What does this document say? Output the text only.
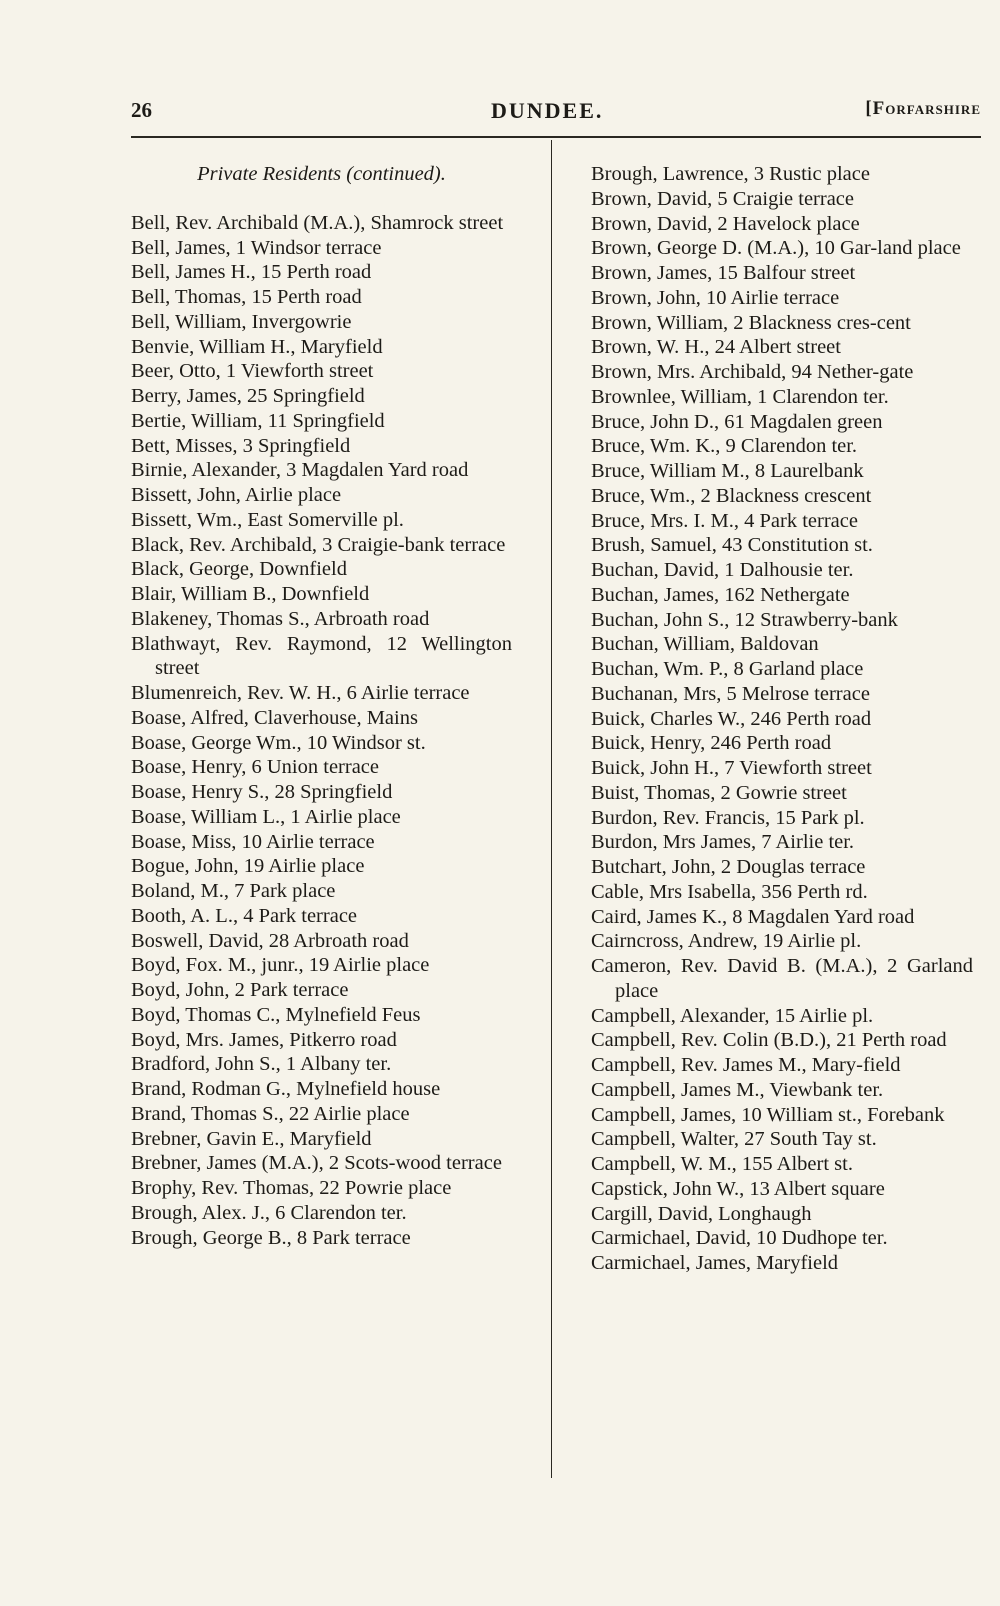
26	DUNDEE.	[Forfarshire
Private Residents (continued).
Bell, Rev. Archibald (M.A.), Shamrock street
Bell, James, 1 Windsor terrace
Bell, James H., 15 Perth road
Bell, Thomas, 15 Perth road
Bell, William, Invergowrie
Benvie, William H., Maryfield
Beer, Otto, 1 Viewforth street
Berry, James, 25 Springfield
Bertie, William, 11 Springfield
Bett, Misses, 3 Springfield
Birnie, Alexander, 3 Magdalen Yard road
Bissett, John, Airlie place
Bissett, Wm., East Somerville pl.
Black, Rev. Archibald, 3 Craigie-bank terrace
Black, George, Downfield
Blair, William B., Downfield
Blakeney, Thomas S., Arbroath road
Blathwayt, Rev. Raymond, 12 Wellington street
Blumenreich, Rev. W. H., 6 Airlie terrace
Boase, Alfred, Claverhouse, Mains
Boase, George Wm., 10 Windsor st.
Boase, Henry, 6 Union terrace
Boase, Henry S., 28 Springfield
Boase, William L., 1 Airlie place
Boase, Miss, 10 Airlie terrace
Bogue, John, 19 Airlie place
Boland, M., 7 Park place
Booth, A. L., 4 Park terrace
Boswell, David, 28 Arbroath road
Boyd, Fox. M., junr., 19 Airlie place
Boyd, John, 2 Park terrace
Boyd, Thomas C., Mylnefield Feus
Boyd, Mrs. James, Pitkerro road
Bradford, John S., 1 Albany ter.
Brand, Rodman G., Mylnefield house
Brand, Thomas S., 22 Airlie place
Brebner, Gavin E., Maryfield
Brebner, James (M.A.), 2 Scots-wood terrace
Brophy, Rev. Thomas, 22 Powrie place
Brough, Alex. J., 6 Clarendon ter.
Brough, George B., 8 Park terrace
Brough, Lawrence, 3 Rustic place
Brown, David, 5 Craigie terrace
Brown, David, 2 Havelock place
Brown, George D. (M.A.), 10 Gar-land place
Brown, James, 15 Balfour street
Brown, John, 10 Airlie terrace
Brown, William, 2 Blackness cres-cent
Brown, W. H., 24 Albert street
Brown, Mrs. Archibald, 94 Nether-gate
Brownlee, William, 1 Clarendon ter.
Bruce, John D., 61 Magdalen green
Bruce, Wm. K., 9 Clarendon ter.
Bruce, William M., 8 Laurelbank
Bruce, Wm., 2 Blackness crescent
Bruce, Mrs. I. M., 4 Park terrace
Brush, Samuel, 43 Constitution st.
Buchan, David, 1 Dalhousie ter.
Buchan, James, 162 Nethergate
Buchan, John S., 12 Strawberry-bank
Buchan, William, Baldovan
Buchan, Wm. P., 8 Garland place
Buchanan, Mrs, 5 Melrose terrace
Buick, Charles W., 246 Perth road
Buick, Henry, 246 Perth road
Buick, John H., 7 Viewforth street
Buist, Thomas, 2 Gowrie street
Burdon, Rev. Francis, 15 Park pl.
Burdon, Mrs James, 7 Airlie ter.
Butchart, John, 2 Douglas terrace
Cable, Mrs Isabella, 356 Perth rd.
Caird, James K., 8 Magdalen Yard road
Cairncross, Andrew, 19 Airlie pl.
Cameron, Rev. David B. (M.A.), 2 Garland place
Campbell, Alexander, 15 Airlie pl.
Campbell, Rev. Colin (B.D.), 21 Perth road
Campbell, Rev. James M., Mary-field
Campbell, James M., Viewbank ter.
Campbell, James, 10 William st., Forebank
Campbell, Walter, 27 South Tay st.
Campbell, W. M., 155 Albert st.
Capstick, John W., 13 Albert square
Cargill, David, Longhaugh
Carmichael, David, 10 Dudhope ter.
Carmichael, James, Maryfield
